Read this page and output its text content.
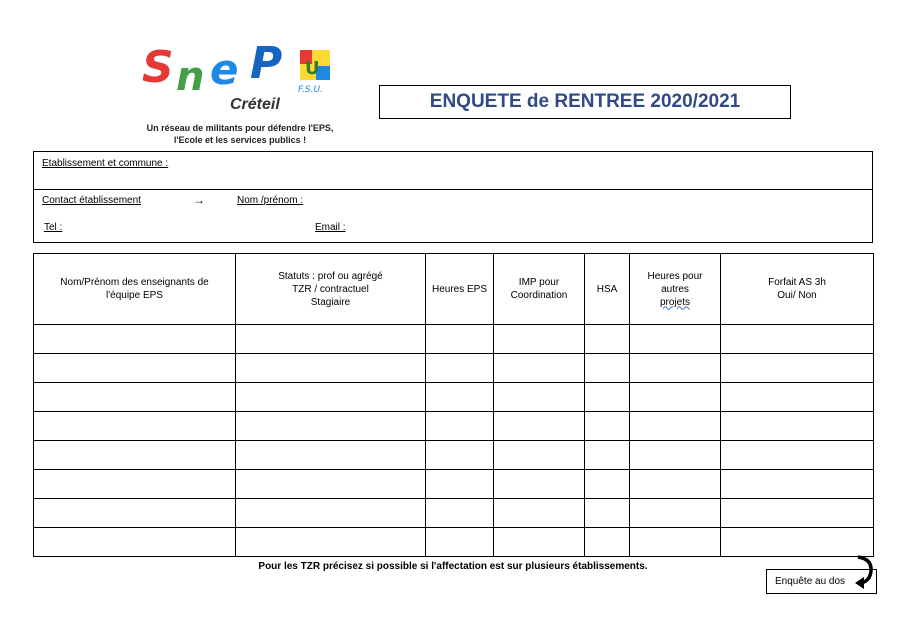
S n e P U
F.S.U.
Créteil
Un réseau de militants pour défendre l'EPS,
l'Ecole et les services publics !
ENQUETE de RENTREE 2020/2021
Etablissement et commune :
Contact établissement	→	Nom /prénom :
Tel :	Email :
Nom/Prénom des enseignants de
l'équipe EPS	Statuts : prof ou agrégé
TZR / contractuel
Stagiaire	Heures EPS	IMP pour
Coordination	HSA	Heures pour
autres
projets	Forfait AS 3h
Oui/ Non

Pour les TZR précisez si possible si l'affectation est sur plusieurs établissements.
Enquête au dos
